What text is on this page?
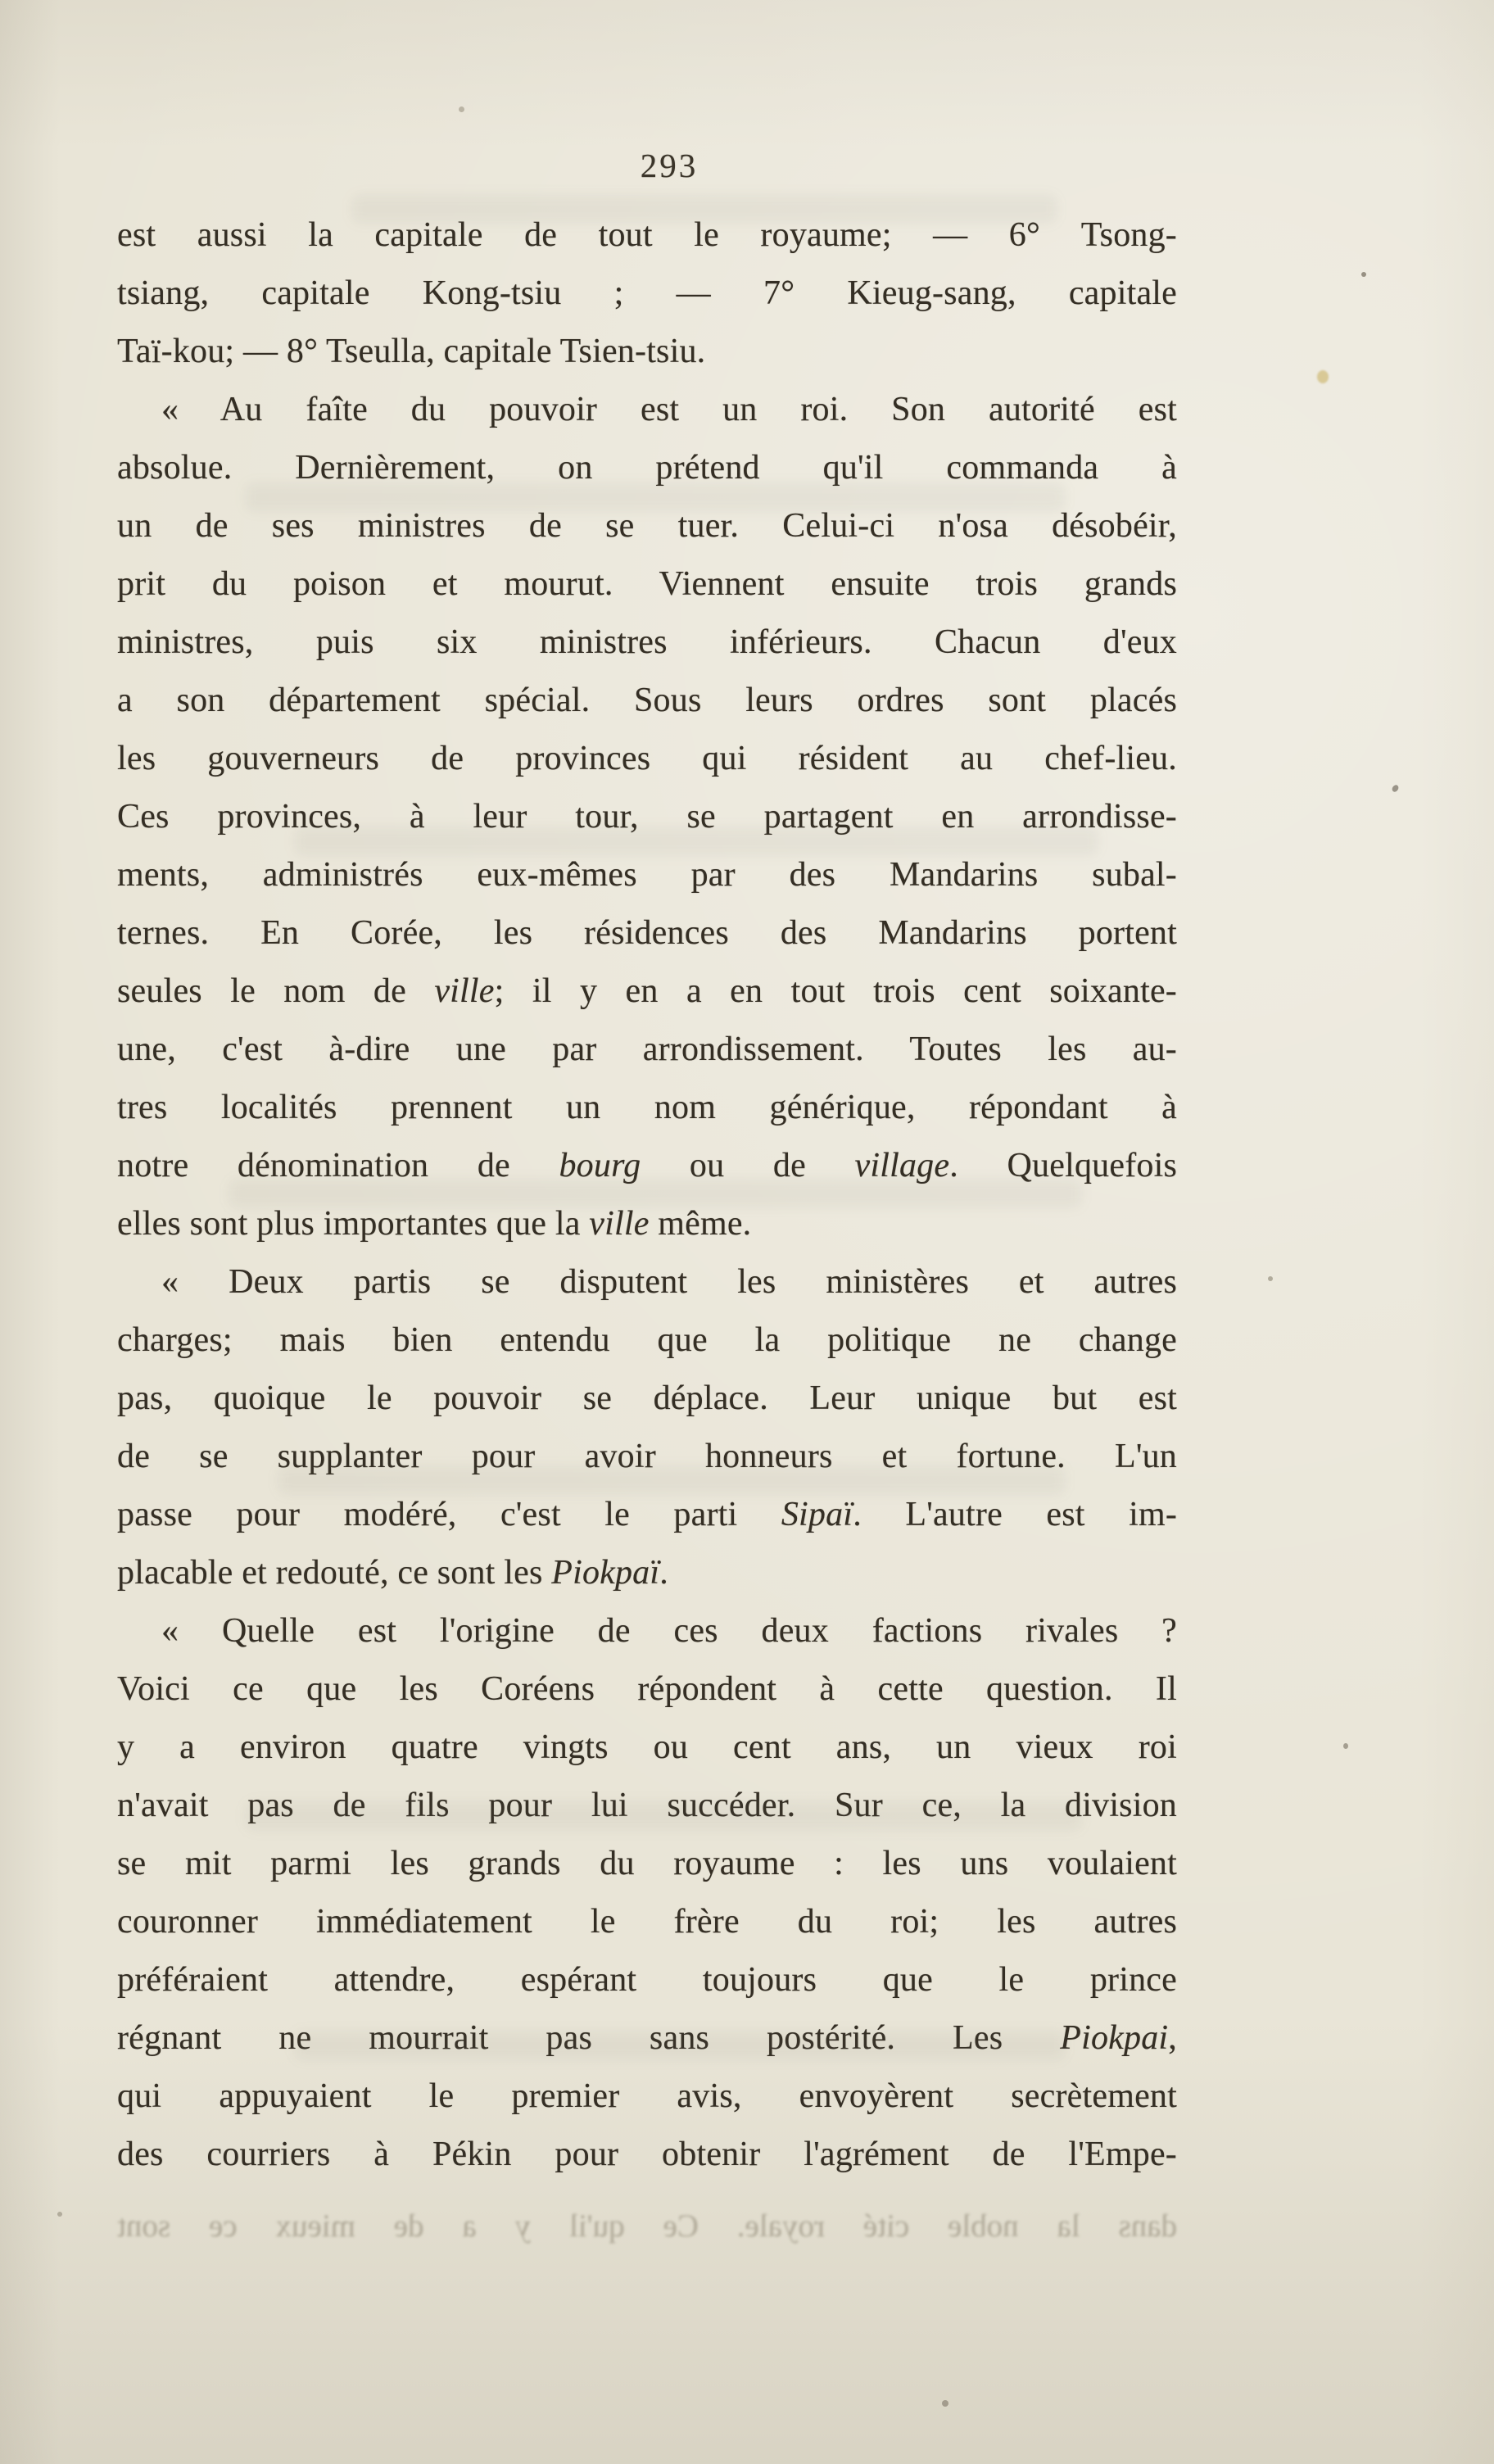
293
est aussi la capitale de tout le royaume; — 6° Tsong-
tsiang, capitale Kong-tsiu ; — 7° Kieug-sang, capitale
Taï-kou; — 8° Tseulla, capitale Tsien-tsiu.
« Au faîte du pouvoir est un roi. Son autorité est
absolue. Dernièrement, on prétend qu'il commanda à
un de ses ministres de se tuer. Celui-ci n'osa désobéir,
prit du poison et mourut. Viennent ensuite trois grands
ministres, puis six ministres inférieurs. Chacun d'eux
a son département spécial. Sous leurs ordres sont placés
les gouverneurs de provinces qui résident au chef-lieu.
Ces provinces, à leur tour, se partagent en arrondisse-
ments, administrés eux-mêmes par des Mandarins subal-
ternes. En Corée, les résidences des Mandarins portent
seules le nom de ville; il y en a en tout trois cent soixante-
une, c'est à-dire une par arrondissement. Toutes les au-
tres localités prennent un nom générique, répondant à
notre dénomination de bourg ou de village. Quelquefois
elles sont plus importantes que la ville même.
« Deux partis se disputent les ministères et autres
charges; mais bien entendu que la politique ne change
pas, quoique le pouvoir se déplace. Leur unique but est
de se supplanter pour avoir honneurs et fortune. L'un
passe pour modéré, c'est le parti Sipaï. L'autre est im-
placable et redouté, ce sont les Piokpaï.
« Quelle est l'origine de ces deux factions rivales ?
Voici ce que les Coréens répondent à cette question. Il
y a environ quatre vingts ou cent ans, un vieux roi
n'avait pas de fils pour lui succéder. Sur ce, la division
se mit parmi les grands du royaume : les uns voulaient
couronner immédiatement le frère du roi; les autres
préféraient attendre, espérant toujours que le prince
régnant ne mourrait pas sans postérité. Les Piokpai,
qui appuyaient le premier avis, envoyèrent secrètement
des courriers à Pékin pour obtenir l'agrément de l'Empe-
dans la noble cité royale. Ce qu'il y a de mieux ce sont
